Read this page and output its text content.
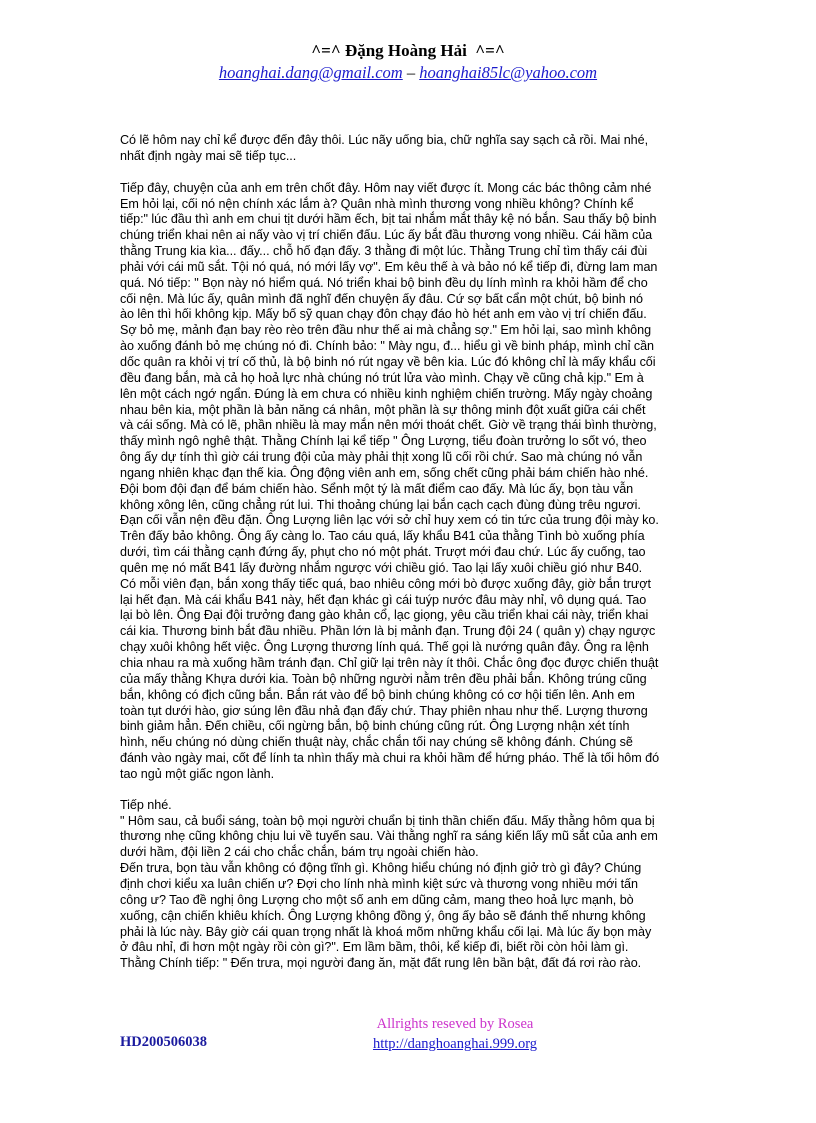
^=^ Đặng Hoàng Hải  ^=^

hoanghai.dang@gmail.com – hoanghai85lc@yahoo.com

Có lẽ hôm nay chỉ kể được đến đây thôi. Lúc nãy uống bia, chữ nghĩa say sạch cả rồi. Mai nhé,
nhất định ngày mai sẽ tiếp tục...

Tiếp đây, chuyện của anh em trên chốt đây. Hôm nay viết được ít. Mong các bác thông cảm nhé
Em hỏi lại, cối nó nện chính xác lắm à? Quân nhà mình thương vong nhiều không? Chính kể
tiếp:" lúc đầu thì anh em chui tịt dưới hầm ếch, bịt tai nhắm mắt thây kệ nó bắn. Sau thấy bộ binh
chúng triển khai nên ai nấy vào vị trí chiến đấu. Lúc ấy bắt đầu thương vong nhiều. Cái hầm của
thằng Trung kia kìa... đấy... chỗ hố đạn đấy. 3 thằng đi một lúc. Thằng Trung chỉ tìm thấy cái đùi
phải với cái mũ sắt. Tội nó quá, nó mới lấy vợ". Em kêu thế à và bảo nó kể tiếp đi, đừng lam man
quá. Nó tiếp: " Bọn này nó hiểm quá. Nó triển khai bộ binh đều dụ lính mình ra khỏi hầm để cho
cối nện. Mà lúc ấy, quân mình đã nghĩ đến chuyện ấy đâu. Cứ sợ bất cẩn một chút, bộ binh nó
ào lên thì hối không kịp. Mấy bố sỹ quan chạy đôn chạy đáo hò hét anh em vào vị trí chiến đấu.
Sợ bỏ mẹ, mảnh đạn bay rèo rèo trên đầu như thế ai mà chẳng sợ." Em hỏi lại, sao mình không
ào xuống đánh bỏ mẹ chúng nó đi. Chính bảo: " Mày ngu, đ... hiểu gì về binh pháp, mình chỉ cần
dốc quân ra khỏi vị trí cố thủ, là bộ binh nó rút ngay về bên kia. Lúc đó không chỉ là mấy khẩu cối
đều đang bắn, mà cả họ hoả lực nhà chúng nó trút lửa vào mình. Chạy về cũng chả kịp." Em à
lên một cách ngớ ngẩn. Đúng là em chưa có nhiều kinh nghiệm chiến trường. Mấy ngày choảng
nhau bên kia, một phần là bản năng cá nhân, một phần là sự thông minh đột xuất giữa cái chết
và cái sống. Mà có lẽ, phần nhiều là may mắn nên mới thoát chết. Giờ về trạng thái bình thường,
thấy mình ngô nghê thật. Thằng Chính lại kể tiếp " Ông Lượng, tiểu đoàn trưởng lo sốt vó, theo
ông ấy dự tính thì giờ cái trung đội của mày phải thịt xong lũ cối rồi chứ. Sao mà chúng nó vẫn
ngang nhiên khạc đạn thế kia. Ông động viên anh em, sống chết cũng phải bám chiến hào nhé.
Đội bom đội đạn để bám chiến hào. Sểnh một tý là mất điểm cao đấy. Mà lúc ấy, bọn tàu vẫn
không xông lên, cũng chẳng rút lui. Thi thoảng chúng lại bắn cạch cạch đùng đùng trêu ngươi.
Đạn cối vẫn nện đều đặn. Ông Lượng liên lạc với sở chỉ huy xem có tin tức của trung đội mày ko.
Trên đấy bảo không. Ông ấy càng lo. Tao cáu quá, lấy khẩu B41 của thằng Tình bò xuống phía
dưới, tìm cái thằng cạnh đứng ấy, phụt cho nó một phát. Trượt mới đau chứ. Lúc ấy cuống, tao
quên mẹ nó mất B41 lấy đường nhắm ngược với chiều gió. Tao lại lấy xuôi chiều gió như B40.
Có mỗi viên đạn, bắn xong thấy tiếc quá, bao nhiêu công mới bò được xuống đây, giờ bắn trượt
lại hết đạn. Mà cái khẩu B41 này, hết đạn khác gì cái tuýp nước đâu mày nhỉ, vô dụng quá. Tao
lại bò lên. Ông Đại đội trưởng đang gào khản cổ, lạc giọng, yêu cầu triển khai cái này, triển khai
cái kia. Thương binh bắt đầu nhiều. Phần lớn là bị mảnh đạn. Trung đội 24 ( quân y) chạy ngược
chạy xuôi không hết việc. Ông Lượng thương lính quá. Thế gọi là nướng quân đây. Ông ra lệnh
chia nhau ra mà xuống hầm tránh đạn. Chỉ giữ lại trên này ít thôi. Chắc ông đọc được chiến thuật
của mấy thằng Khựa dưới kia. Toàn bộ những người nằm trên đều phải bắn. Không trúng cũng
bắn, không có địch cũng bắn. Bắn rát vào để bộ binh chúng không có cơ hội tiến lên. Anh em
toàn tụt dưới hào, giơ súng lên đầu nhả đạn đấy chứ. Thay phiên nhau như thế. Lượng thương
binh giảm hẳn. Đến chiều, cối ngừng bắn, bộ binh chúng cũng rút. Ông Lượng nhận xét tính
hình, nếu chúng nó dùng chiến thuật này, chắc chắn tối nay chúng sẽ không đánh. Chúng sẽ
đánh vào ngày mai, cốt để lính ta nhìn thấy mà chui ra khỏi hầm để hứng pháo. Thế là tối hôm đó
tao ngủ một giấc ngon lành.

Tiếp nhé.
" Hôm sau, cả buổi sáng, toàn bộ mọi người chuẩn bị tinh thần chiến đấu. Mấy thằng hôm qua bị
thương nhẹ cũng không chịu lui về tuyến sau. Vài thằng nghĩ ra sáng kiến lấy mũ sắt của anh em
dưới hầm, đội liền 2 cái cho chắc chắn, bám trụ ngoài chiến hào.
Đến trưa, bọn tàu vẫn không có động tĩnh gì. Không hiểu chúng nó định giở trò gì đây? Chúng
định chơi kiểu xa luân chiến ư? Đợi cho lính nhà mình kiệt sức và thương vong nhiều mới tấn
công ư? Tao đề nghị ông Lượng cho một số anh em dũng cảm, mang theo hoả lực mạnh, bò
xuống, cận chiến khiêu khích. Ông Lượng không đồng ý, ông ấy bảo sẽ đánh thế nhưng không
phải là lúc này. Bây giờ cái quan trọng nhất là khoá mõm những khẩu cối lại. Mà lúc ấy bọn mày
ở đâu nhỉ, đi hơn một ngày rồi còn gì?". Em lầm bầm, thôi, kể kiếp đi, biết rồi còn hỏi làm gì.
Thằng Chính tiếp: " Đến trưa, mọi người đang ăn, mặt đất rung lên bần bật, đất đá rơi rào rào.

HD200506038

Allrights reseved by Rosea

http://danghoanghai.999.org
